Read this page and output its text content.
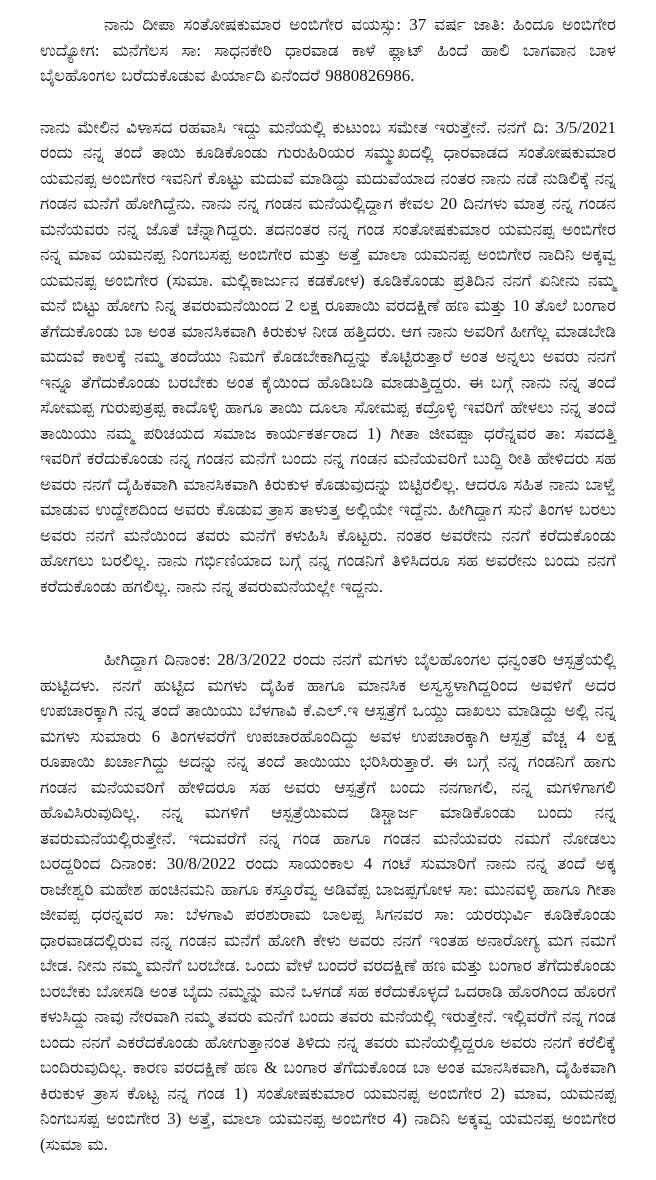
ನಾನು ದೀಪಾ ಸಂತೋಷಕುಮಾರ ಅಂಬಿಗೇರ ವಯಸ್ಸು: 37 ವರ್ಷ ಜಾತಿ: ಹಿಂದೂ ಅಂಬಿಗೇರ ಉದ್ಯೋಗ: ಮನೆಗೆಲಸ ಸಾ: ಸಾಧನಕೇರಿ ಧಾರವಾಡ ಕಾಳೆ ಪ್ಲಾಟ್ ಹಿಂದೆ ಹಾಲಿ ಬಾಗವಾನ ಬಾಳ ಬೈಲಹೊಂಗಲ ಬರೆದುಕೊಡುವ ಪಿರ್ಯಾದಿ ಏನೆಂದರೆ 9880826986.

ನಾನು ಮೇಲಿನ ವಿಳಾಸದ ರಹವಾಸಿ ಇದ್ದು ಮನೆಯಲ್ಲಿ ಕುಟುಂಬ ಸಮೇತ ಇರುತ್ತೇನೆ. ನನಗೆ ದಿ: 3/5/2021 ರಂದು ನನ್ನ ತಂದೆ ತಾಯಿ ಕೂಡಿಕೊಂಡು ಗುರುಹಿರಿಯರ ಸಮ್ಮುಖದಲ್ಲಿ ಧಾರವಾಡದ ಸಂತೋಷಕುಮಾರ ಯಮನಪ್ಪ ಅಂಬಿಗೇರ ಇವನಿಗೆ ಕೊಟ್ಟು ಮದುವೆ ಮಾಡಿದ್ದು ಮದುವೆಯಾದ ನಂತರ ನಾನು ನಡೆ ನುಡಿಲಿಕ್ಕೆ ನನ್ನ ಗಂಡನ ಮನೆಗೆ ಹೋಗಿದ್ದೆನು. ನಾನು ನನ್ನ ಗಂಡನ ಮನೆಯಲ್ಲಿದ್ದಾಗ ಕೇವಲ 20 ದಿನಗಳು ಮಾತ್ರ ನನ್ನ ಗಂಡನ ಮನೆಯವರು ನನ್ನ ಜೊತೆ ಚೆನ್ನಾಗಿದ್ದರು. ತದನಂತರ ನನ್ನ ಗಂಡ ಸಂತೋಷಕುಮಾರ ಯಮನಪ್ಪ ಅಂಬಿಗೇರ ನನ್ನ ಮಾವ ಯಮನಪ್ಪ ನಿಂಗಬಸಪ್ಪ ಅಂಬಿಗೇರ ಮತ್ತು ಅತ್ತೆ ಮಾಲಾ ಯಮನಪ್ಪ ಅಂಬಿಗೇರ ನಾದಿನಿ ಅಕ್ಕವ್ವ ಯಮನಪ್ಪ ಅಂಬಿಗೇರ (ಸುಮಾ. ಮಲ್ಲಿಕಾರ್ಜುನ ಕಡಕೋಳ) ಕೂಡಿಕೊಂಡು ಪ್ರತಿದಿನ ನನಗೆ ಏನೀನು ನಮ್ಮ ಮನೆ ಬಿಟ್ಟು ಹೋಗು ನಿನ್ನ ತವರುಮನೆಯಿಂದ 2 ಲಕ್ಷ ರೂಪಾಯಿ ವರದಕ್ಷಿಣೆ ಹಣ ಮತ್ತು 10 ತೊಲೆ ಬಂಗಾರ ತೆಗೆದುಕೊಂಡು ಬಾ ಅಂತ ಮಾನಸಿಕವಾಗಿ ಕಿರುಕುಳ ನೀಡ ಹತ್ತಿದರು. ಆಗ ನಾನು ಅವರಿಗೆ ಹೀಗೆಲ್ಲ ಮಾಡಬೇಡಿ ಮದುವೆ ಕಾಲಕ್ಕೆ ನಮ್ಮ ತಂದೆಯು ನಿಮಗೆ ಕೊಡಬೇಕಾಗಿದ್ದನ್ನು ಕೊಟ್ಟಿರುತ್ತಾರೆ ಅಂತ ಅನ್ನಲು ಅವರು ನನಗೆ ಇನ್ನೂ ತೆಗೆದುಕೊಂಡು ಬರಬೇಕು ಅಂತ ಕೈಯಿಂದ ಹೊಡಿಬಡಿ ಮಾಡುತ್ತಿದ್ದರು. ಈ ಬಗ್ಗೆ ನಾನು ನನ್ನ ತಂದೆ ಸೋಮಪ್ಪ ಗುರುಪುತ್ರಪ್ಪ ಕಾದೊಳ್ಳಿ ಹಾಗೂ ತಾಯಿ ದೂಲಾ ಸೋಮಪ್ಪ ಕದ್ರೊಳ್ಳಿ ಇವರಿಗೆ ಹೇಳಲು ನನ್ನ ತಂದೆ ತಾಯಿಯು ನಮ್ಮ ಪರಿಚಯದ ಸಮಾಜ ಕಾರ್ಯಕರ್ತರಾದ 1) ಗೀತಾ ಜೀವಪ್ಪಾ ಧರೆನ್ನವರ ತಾ: ಸವದತ್ತಿ ಇವರಿಗೆ ಕರೆದುಕೊಂಡು ನನ್ನ ಗಂಡನ ಮನೆಗೆ ಬಂದು ನನ್ನ ಗಂಡನ ಮನೆಯವರಿಗೆ ಬುದ್ದಿ ರೀತಿ ಹೇಳಿದರು ಸಹ ಅವರು ನನಗೆ ದೈಹಿಕವಾಗಿ ಮಾನಸಿಕವಾಗಿ ಕಿರುಕುಳ ಕೊಡುವುದನ್ನು ಬಿಟ್ಟಿರಲಿಲ್ಲ. ಆದರೂ ಸಹಿತ ನಾನು ಬಾಳ್ವೆ ಮಾಡುವ ಉದ್ದೇಶದಿಂದ ಅವರು ಕೊಡುವ ತ್ರಾಸ ತಾಳುತ್ತ ಅಲ್ಲಿಯೇ ಇದ್ದೆನು. ಹೀಗಿದ್ದಾಗ ಸುನೆ ತಿಂಗಳ ಬರಲು ಅವರು ನನಗೆ ಮನೆಯಿಂದ ತವರು ಮನೆಗೆ ಕಳುಹಿಸಿ ಕೊಟ್ಟರು. ನಂತರ ಅವರೇನು ನನಗೆ ಕರೆದುಕೊಂಡು ಹೋಗಲು ಬರಲಿಲ್ಲ. ನಾನು ಗರ್ಭಿಣಿಯಾದ ಬಗ್ಗೆ ನನ್ನ ಗಂಡನಿಗೆ ತಿಳಿಸಿದರೂ ಸಹ ಅವರೇನು ಬಂದು ನನಗೆ ಕರೆದುಕೊಂಡು ಹಗಲಿಲ್ಲ. ನಾನು ನನ್ನ ತವರುಮನೆಯಲ್ಲೇ ಇದ್ದನು.

ಹೀಗಿದ್ದಾಗ ದಿನಾಂಕ: 28/3/2022 ರಂದು ನನಗೆ ಮಗಳು ಬೈಲಹೊಂಗಲ ಧನ್ವಂತರಿ ಆಸ್ಪತ್ರೆಯಲ್ಲಿ ಹುಟ್ಟಿದಳು. ನನಗೆ ಹುಟ್ಟಿದ ಮಗಳು ದೈಹಿಕ ಹಾಗೂ ಮಾನಸಿಕ ಅಸ್ವಸ್ಥಳಾಗಿದ್ದರಿಂದ ಅವಳಿಗೆ ಅದರ ಉಪಚಾರಕ್ಕಾಗಿ ನನ್ನ ತಂದೆ ತಾಯಿಯು ಬೆಳಗಾವಿ ಕೆ.ಎಲ್.ಇ ಆಸ್ಪತ್ರೆಗೆ ಒಯ್ದು ದಾಖಲು ಮಾಡಿದ್ದು ಅಲ್ಲಿ ನನ್ನ ಮಗಳು ಸುಮಾರು 6 ತಿಂಗಳವರೆಗೆ ಉಪಚಾರಹೊಂದಿದ್ದು ಅವಳ ಉಪಚಾರಕ್ಕಾಗಿ ಆಸ್ಪತ್ರೆ ವೆಚ್ಚ 4 ಲಕ್ಷ ರೂಪಾಯಿ ಖರ್ಚಾಗಿದ್ದು ಅದನ್ನು ನನ್ನ ತಂದೆ ತಾಯಿಯು ಭರಿಸಿರುತ್ತಾರೆ. ಈ ಬಗ್ಗೆ ನನ್ನ ಗಂಡನಿಗೆ ಹಾಗು ಗಂಡನ ಮನೆಯವರಿಗೆ ಹೇಳಿದರೂ ಸಹ ಅವರು ಆಸ್ಪತ್ರೆಗೆ ಬಂದು ನನಗಾಗಲಿ, ನನ್ನ ಮಗಳಿಗಾಗಲಿ ಹೊವಿಸಿರುವುದಿಲ್ಲ. ನನ್ನ ಮಗಳಿಗೆ ಆಸ್ಪತ್ರೆಯಿಮದ ಡಿಸ್ಚಾರ್ಜ ಮಾಡಿಕೊಂಡು ಬಂದು ನನ್ನ ತವರುಮನೆಯಲ್ಲಿರುತ್ತೇನೆ. ಇದುವರೆಗೆ ನನ್ನ ಗಂಡ ಹಾಗೂ ಗಂಡನ ಮನೆಯವರು ನಮಗೆ ನೋಡಲು ಬರದ್ದರಿಂದ ದಿನಾಂಕ: 30/8/2022 ರಂದು ಸಾಯಂಕಾಲ 4 ಗಂಟೆ ಸುಮಾರಿಗೆ ನಾನು ನನ್ನ ತಂದೆ ಅಕ್ಕ ರಾಜೇಶ್ವರಿ ಮಹೇಶ ಹಂಚಿನಮನಿ ಹಾಗೂ ಕಸ್ತೂರೆವ್ವ ಅಡಿವೆಪ್ಪ ಬಾಜಪ್ಪಗೋಳ ಸಾ: ಮುನವಳ್ಳಿ ಹಾಗೂ ಗೀತಾ ಜೀವಪ್ಪ ಧರನ್ನವರ ಸಾ: ಬೆಳಗಾವಿ ಪರಶುರಾಮ ಬಾಲಪ್ಪ ಸಿಗನವರ ಸಾ: ಯರಝರ್ವಿ ಕೂಡಿಕೊಂಡು ಧಾರವಾಡದಲ್ಲಿರುವ ನನ್ನ ಗಂಡನ ಮನೆಗೆ ಹೋಗಿ ಕೇಳು ಅವರು ನನಗೆ ಇಂತಹ ಅನಾರೋಗ್ಯ ಮಗ ನಮಗೆ ಬೇಡ. ನೀನು ನಮ್ಮ ಮನೆಗೆ ಬರಬೇಡ. ಒಂದು ವೇಳೆ ಬಂದರೆ ವರದಕ್ಷಿಣೆ ಹಣ ಮತ್ತು ಬಂಗಾರ ತೆಗೆದುಕೊಂಡು ಬರಬೇಕು ಬೋಸಡಿ ಅಂತ ಬೈದು ನಮ್ಮನ್ನು ಮನೆ ಒಳಗಡೆ ಸಹ ಕರೆದುಕೊಳ್ಳದೆ ಒದರಾಡಿ ಹೊರಗಿಂದ ಹೊರಗೆ ಕಳುಸಿದ್ದು ನಾವು ನೇರವಾಗಿ ನಮ್ಮ ತವರು ಮನೆಗೆ ಬಂದು ತವರು ಮನೆಯಲ್ಲಿ ಇರುತ್ತೇನೆ. ಇಲ್ಲಿವರೆಗೆ ನನ್ನ ಗಂಡ ಬಂದು ನನಗೆ ಎಕರೆದಕೊಂಡು ಹೋಗುತ್ತಾನಂತ ತಿಳಿದು ನನ್ನ ತವರು ಮನೆಯಲ್ಲಿದ್ದರೂ ಅವರು ನನಗೆ ಕರೆಲಿಕ್ಕೆ ಬಂದಿರುವುದಿಲ್ಲ. ಕಾರಣ ವರದಕ್ಷಿಣೆ ಹಣ & ಬಂಗಾರ ತೆಗೆದುಕೊಂಡ ಬಾ ಅಂತ ಮಾನಸಿಕವಾಗಿ, ದೈಹಿಕವಾಗಿ ಕಿರುಕುಳ ತ್ರಾಸ ಕೊಟ್ಟ ನನ್ನ ಗಂಡ 1) ಸಂತೋಷಕುಮಾರ ಯಮನಪ್ಪ ಅಂಬಿಗೇರ 2) ಮಾವ, ಯಮನಪ್ಪ ನಿಂಗಬಸಪ್ಪ ಅಂಬಿಗೇರ 3) ಅತ್ತೆ, ಮಾಲಾ ಯಮನಪ್ಪ ಅಂಬಿಗೇರ 4) ನಾದಿನಿ ಅಕ್ಕವ್ವ ಯಮನಪ್ಪ ಅಂಬಿಗೇರ (ಸುಮಾ ಮ.
